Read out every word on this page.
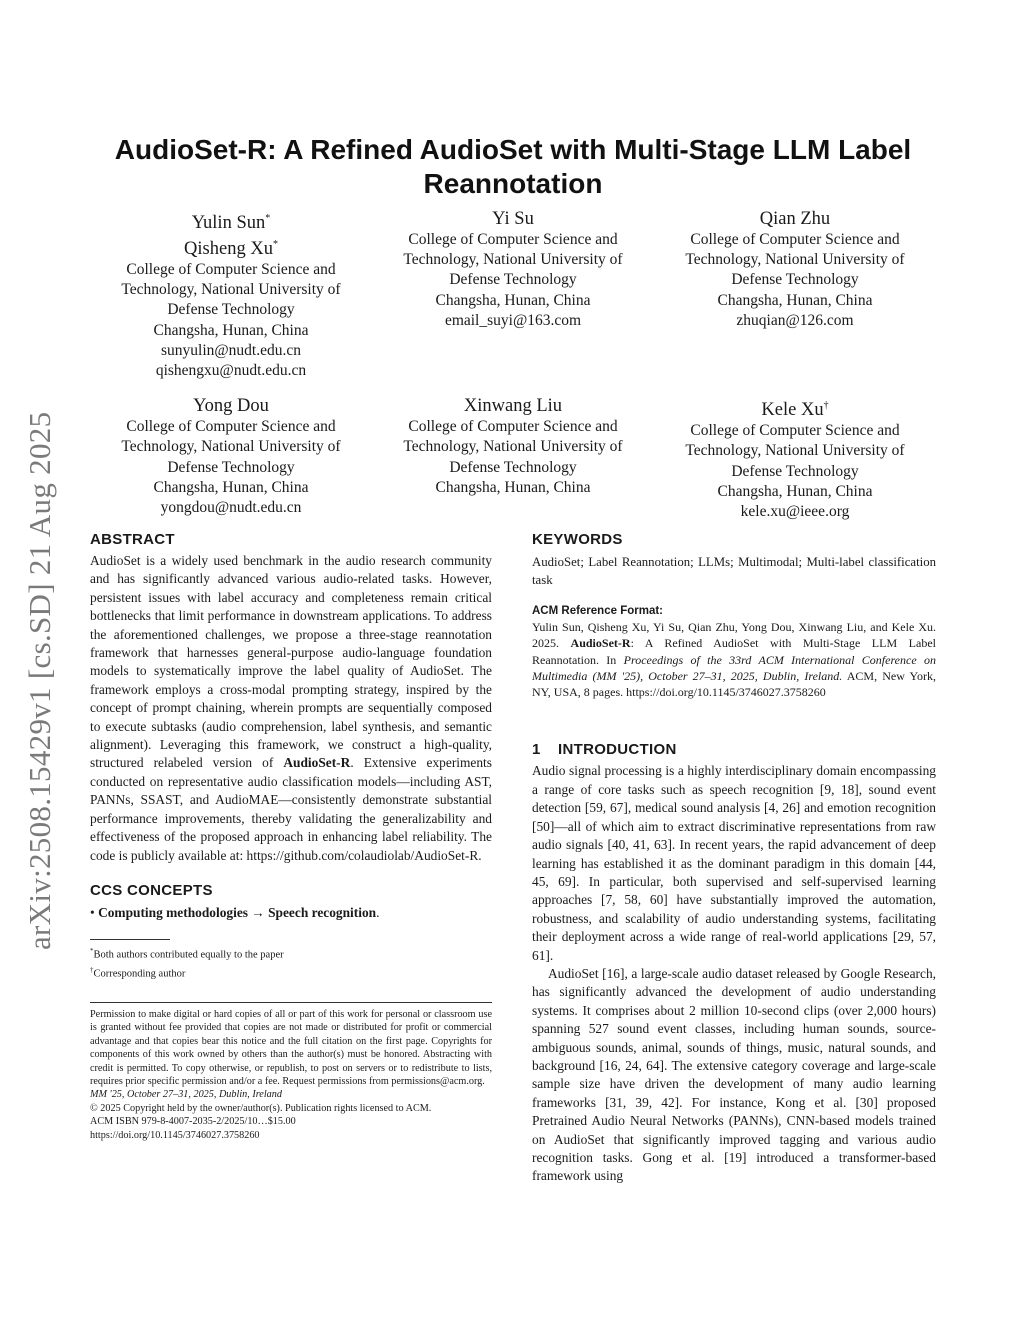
arXiv:2508.15429v1 [cs.SD] 21 Aug 2025
AudioSet-R: A Refined AudioSet with Multi-Stage LLM Label
Reannotation
Yulin Sun*
Qisheng Xu*
College of Computer Science and
Technology, National University of
Defense Technology
Changsha, Hunan, China
sunyulin@nudt.edu.cn
qishengxu@nudt.edu.cn
Yi Su
College of Computer Science and
Technology, National University of
Defense Technology
Changsha, Hunan, China
email_suyi@163.com
Qian Zhu
College of Computer Science and
Technology, National University of
Defense Technology
Changsha, Hunan, China
zhuqian@126.com
Yong Dou
College of Computer Science and
Technology, National University of
Defense Technology
Changsha, Hunan, China
yongdou@nudt.edu.cn
Xinwang Liu
College of Computer Science and
Technology, National University of
Defense Technology
Changsha, Hunan, China
Kele Xu†
College of Computer Science and
Technology, National University of
Defense Technology
Changsha, Hunan, China
kele.xu@ieee.org
ABSTRACT

AudioSet is a widely used benchmark in the audio research community and has significantly advanced various audio-related tasks. However, persistent issues with label accuracy and completeness remain critical bottlenecks that limit performance in downstream applications. To address the aforementioned challenges, we propose a three-stage reannotation framework that harnesses general-purpose audio-language foundation models to systematically improve the label quality of AudioSet. The framework employs a cross-modal prompting strategy, inspired by the concept of prompt chaining, wherein prompts are sequentially composed to execute subtasks (audio comprehension, label synthesis, and semantic alignment). Leveraging this framework, we construct a high-quality, structured relabeled version of AudioSet-R. Extensive experiments conducted on representative audio classification models—including AST, PANNs, SSAST, and AudioMAE—consistently demonstrate substantial performance improvements, thereby validating the generalizability and effectiveness of the proposed approach in enhancing label reliability. The code is publicly available at: https://github.com/colaudiolab/AudioSet-R.

CCS CONCEPTS
• Computing methodologies → Speech recognition.
*Both authors contributed equally to the paper
†Corresponding author

Permission to make digital or hard copies of all or part of this work for personal or classroom use is granted without fee provided that copies are not made or distributed for profit or commercial advantage and that copies bear this notice and the full citation on the first page. Copyrights for components of this work owned by others than the author(s) must be honored. Abstracting with credit is permitted. To copy otherwise, or republish, to post on servers or to redistribute to lists, requires prior specific permission and/or a fee. Request permissions from permissions@acm.org.

MM '25, October 27–31, 2025, Dublin, Ireland
© 2025 Copyright held by the owner/author(s). Publication rights licensed to ACM.
ACM ISBN 979-8-4007-2035-2/2025/10…$15.00
https://doi.org/10.1145/3746027.3758260
KEYWORDS

AudioSet; Label Reannotation; LLMs; Multimodal; Multi-label classification task

ACM Reference Format:

Yulin Sun, Qisheng Xu, Yi Su, Qian Zhu, Yong Dou, Xinwang Liu, and Kele Xu. 2025. AudioSet-R: A Refined AudioSet with Multi-Stage LLM Label Reannotation. In Proceedings of the 33rd ACM International Conference on Multimedia (MM '25), October 27–31, 2025, Dublin, Ireland. ACM, New York, NY, USA, 8 pages. https://doi.org/10.1145/3746027.3758260

1 INTRODUCTION

Audio signal processing is a highly interdisciplinary domain encompassing a range of core tasks such as speech recognition [9, 18], sound event detection [59, 67], medical sound analysis [4, 26] and emotion recognition [50]—all of which aim to extract discriminative representations from raw audio signals [40, 41, 63]. In recent years, the rapid advancement of deep learning has established it as the dominant paradigm in this domain [44, 45, 69]. In particular, both supervised and self-supervised learning approaches [7, 58, 60] have substantially improved the automation, robustness, and scalability of audio understanding systems, facilitating their deployment across a wide range of real-world applications [29, 57, 61].

AudioSet [16], a large-scale audio dataset released by Google Research, has significantly advanced the development of audio understanding systems. It comprises about 2 million 10-second clips (over 2,000 hours) spanning 527 sound event classes, including human sounds, source-ambiguous sounds, animal, sounds of things, music, natural sounds, and background [16, 24, 64]. The extensive category coverage and large-scale sample size have driven the development of many audio learning frameworks [31, 39, 42]. For instance, Kong et al. [30] proposed Pretrained Audio Neural Networks (PANNs), CNN-based models trained on AudioSet that significantly improved tagging and various audio recognition tasks. Gong et al. [19] introduced a transformer-based framework using
